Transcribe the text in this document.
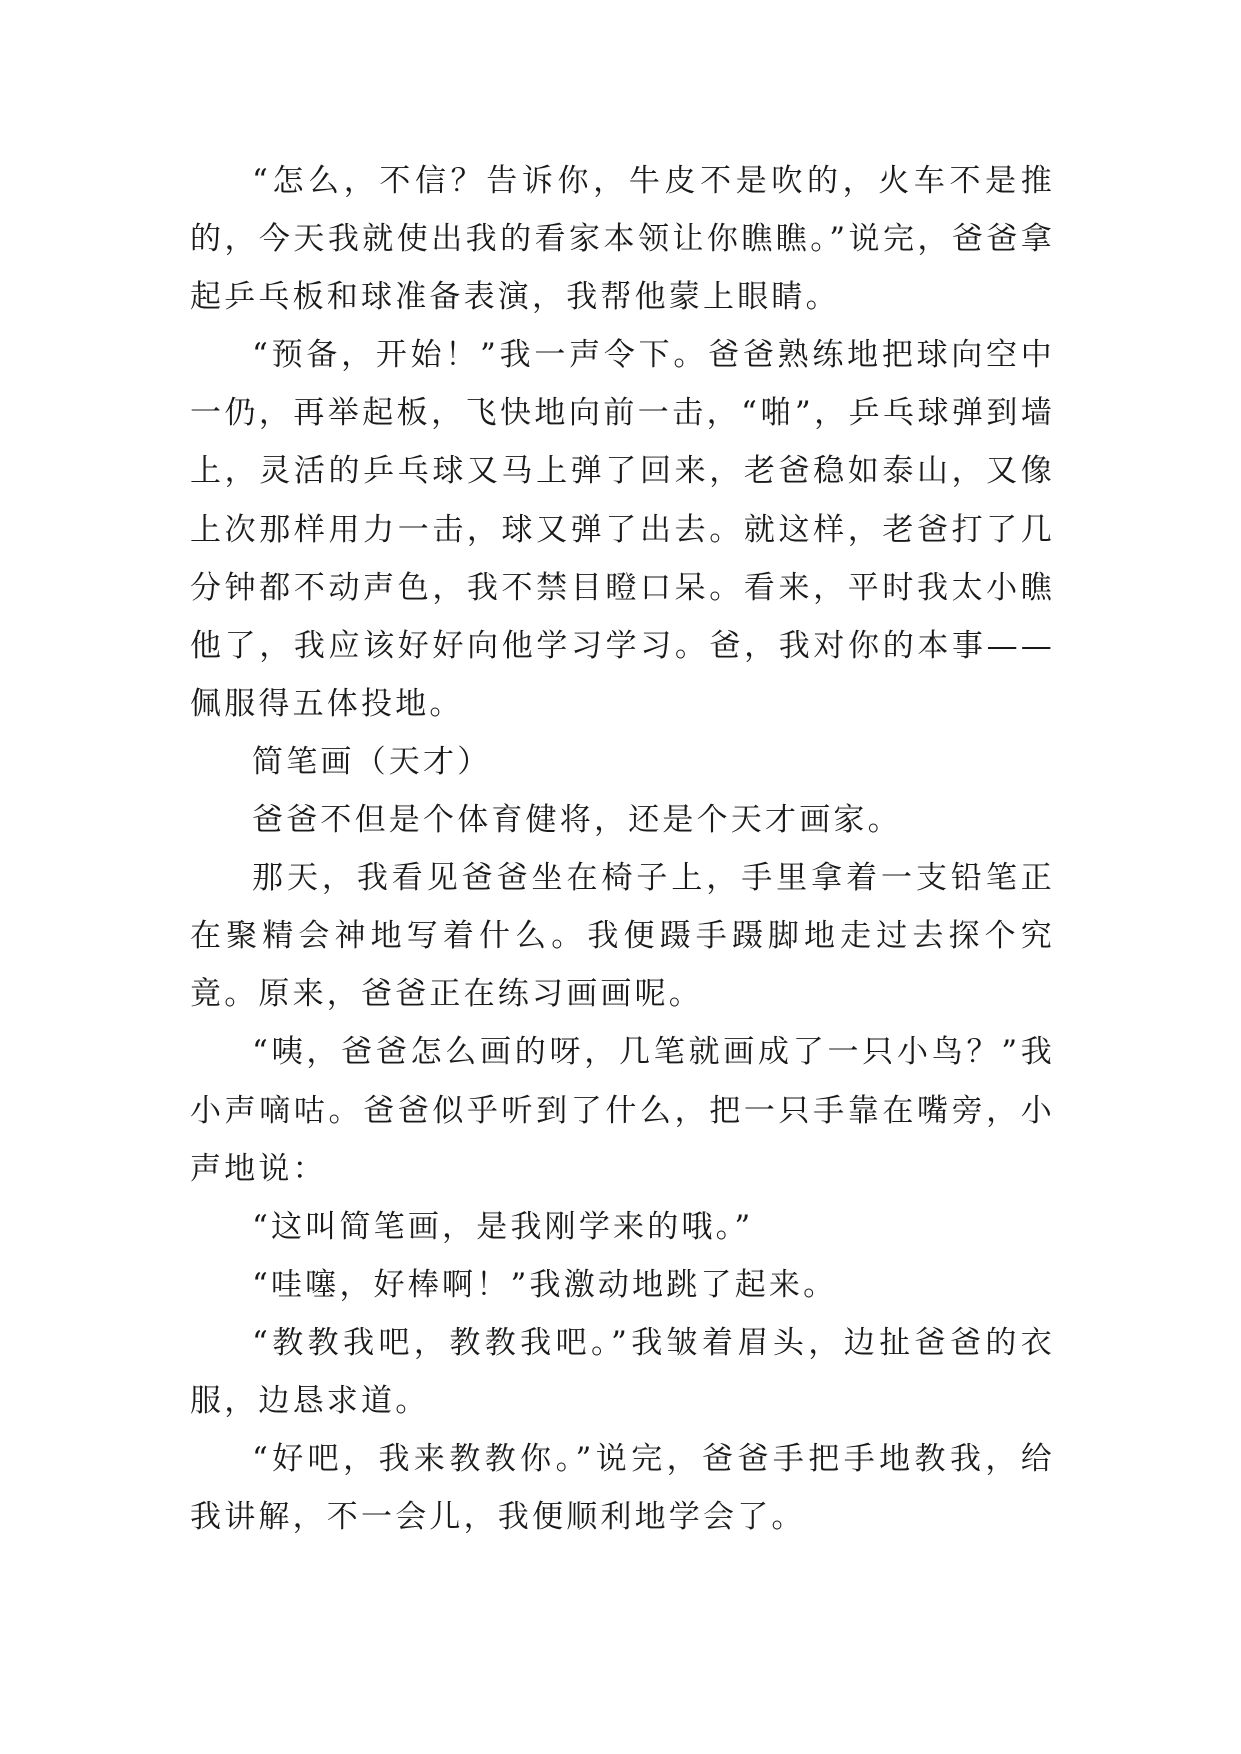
“怎么，不信？告诉你，牛皮不是吹的，火车不是推的，今天我就使出我的看家本领让你瞧瞧。”说完，爸爸拿起乒乓板和球准备表演，我帮他蒙上眼睛。

“预备，开始！”我一声令下。爸爸熟练地把球向空中一仍，再举起板，飞快地向前一击，“啪”，乒乓球弹到墙上，灵活的乒乓球又马上弹了回来，老爸稳如泰山，又像上次那样用力一击，球又弹了出去。就这样，老爸打了几分钟都不动声色，我不禁目瞪口呆。看来，平时我太小瞧他了，我应该好好向他学习学习。爸，我对你的本事——佩服得五体投地。

简笔画（天才）

爸爸不但是个体育健将，还是个天才画家。

那天，我看见爸爸坐在椅子上，手里拿着一支铅笔正在聚精会神地写着什么。我便蹑手蹑脚地走过去探个究竟。原来，爸爸正在练习画画呢。

“咦，爸爸怎么画的呀，几笔就画成了一只小鸟？”我小声嘀咕。爸爸似乎听到了什么，把一只手靠在嘴旁，小声地说：

“这叫简笔画，是我刚学来的哦。”

“哇噻，好棒啊！”我激动地跳了起来。

“教教我吧，教教我吧。”我皱着眉头，边扯爸爸的衣服，边恳求道。

“好吧，我来教教你。”说完，爸爸手把手地教我，给我讲解，不一会儿，我便顺利地学会了。
